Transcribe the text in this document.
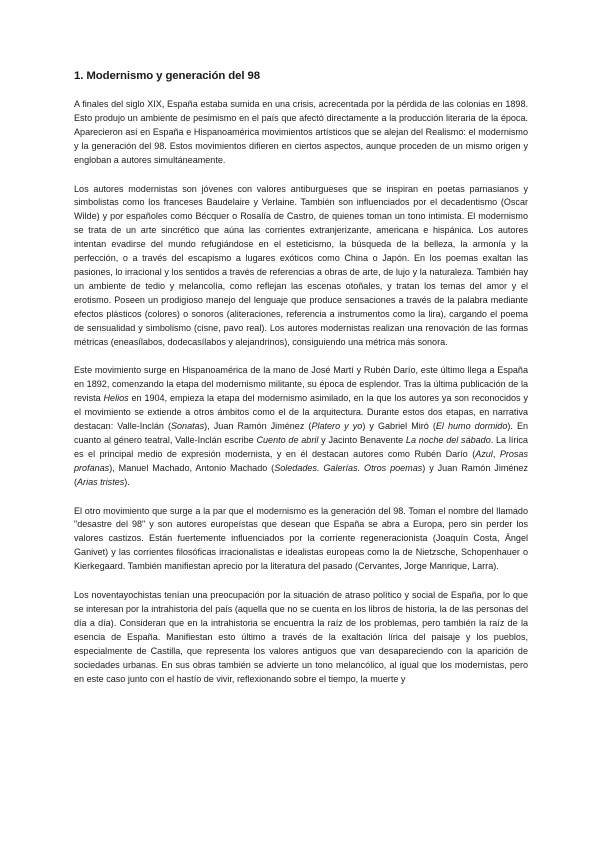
1. Modernismo y generación del 98

A finales del siglo XIX, España estaba sumida en una crisis, acrecentada por la pérdida de las colonias en 1898. Esto produjo un ambiente de pesimismo en el país que afectó directamente a la producción literaria de la época. Aparecieron así en España e Hispanoamérica movimientos artísticos que se alejan del Realismo: el modernismo y la generación del 98. Estos movimientos difieren en ciertos aspectos, aunque proceden de un mismo origen y engloban a autores simultáneamente.

Los autores modernistas son jóvenes con valores antiburgueses que se inspiran en poetas parnasianos y simbolistas como los franceses Baudelaire y Verlaine. También son influenciados por el decadentismo (Oscar Wilde) y por españoles como Bécquer o Rosalía de Castro, de quienes toman un tono intimista. El modernismo se trata de un arte sincrético que aúna las corrientes extranjerizante, americana e hispánica. Los autores intentan evadirse del mundo refugiándose en el esteticismo, la búsqueda de la belleza, la armonía y la perfección, o a través del escapismo a lugares exóticos como China o Japón. En los poemas exaltan las pasiones, lo irracional y los sentidos a través de referencias a obras de arte, de lujo y la naturaleza. También hay un ambiente de tedio y melancolía, como reflejan las escenas otoñales, y tratan los temas del amor y el erotismo. Poseen un prodigioso manejo del lenguaje que produce sensaciones a través de la palabra mediante efectos plásticos (colores) o sonoros (aliteraciones, referencia a instrumentos como la lira), cargando el poema de sensualidad y simbolismo (cisne, pavo real). Los autores modernistas realizan una renovación de las formas métricas (eneasílabos, dodecasílabos y alejandrinos), consiguiendo una métrica más sonora.

Este movimiento surge en Hispanoamérica de la mano de José Martí y Rubén Darío, este último llega a España en 1892, comenzando la etapa del modernismo militante, su época de esplendor. Tras la última publicación de la revista Helios en 1904, empieza la etapa del modernismo asimilado, en la que los autores ya son reconocidos y el movimiento se extiende a otros ámbitos como el de la arquitectura. Durante estos dos etapas, en narrativa destacan: Valle-Inclán (Sonatas), Juan Ramón Jiménez (Platero y yo) y Gabriel Miró (El humo dormido). En cuanto al género teatral, Valle-Inclán escribe Cuento de abril y Jacinto Benavente La noche del sábado. La lírica es el principal medio de expresión modernista, y en él destacan autores como Rubén Darío (Azul, Prosas profanas), Manuel Machado, Antonio Machado (Soledades. Galerías. Otros poemas) y Juan Ramón Jiménez (Arias tristes).

El otro movimiento que surge a la par que el modernismo es la generación del 98. Toman el nombre del llamado "desastre del 98" y son autores europeístas que desean que España se abra a Europa, pero sin perder los valores castizos. Están fuertemente influenciados por la corriente regeneracionista (Joaquín Costa, Ángel Ganivet) y las corrientes filosóficas irracionalistas e idealistas europeas como la de Nietzsche, Schopenhauer o Kierkegaard. También manifiestan aprecio por la literatura del pasado (Cervantes, Jorge Manrique, Larra).

Los noventayochistas tenían una preocupación por la situación de atraso político y social de España, por lo que se interesan por la intrahistoria del país (aquella que no se cuenta en los libros de historia, la de las personas del día a día). Consideran que en la intrahistoria se encuentra la raíz de los problemas, pero también la raíz de la esencia de España. Manifiestan esto último a través de la exaltación lírica del paisaje y los pueblos, especialmente de Castilla, que representa los valores antiguos que van desapareciendo con la aparición de sociedades urbanas. En sus obras también se advierte un tono melancólico, al igual que los modernistas, pero en este caso junto con el hastío de vivir, reflexionando sobre el tiempo, la muerte y
